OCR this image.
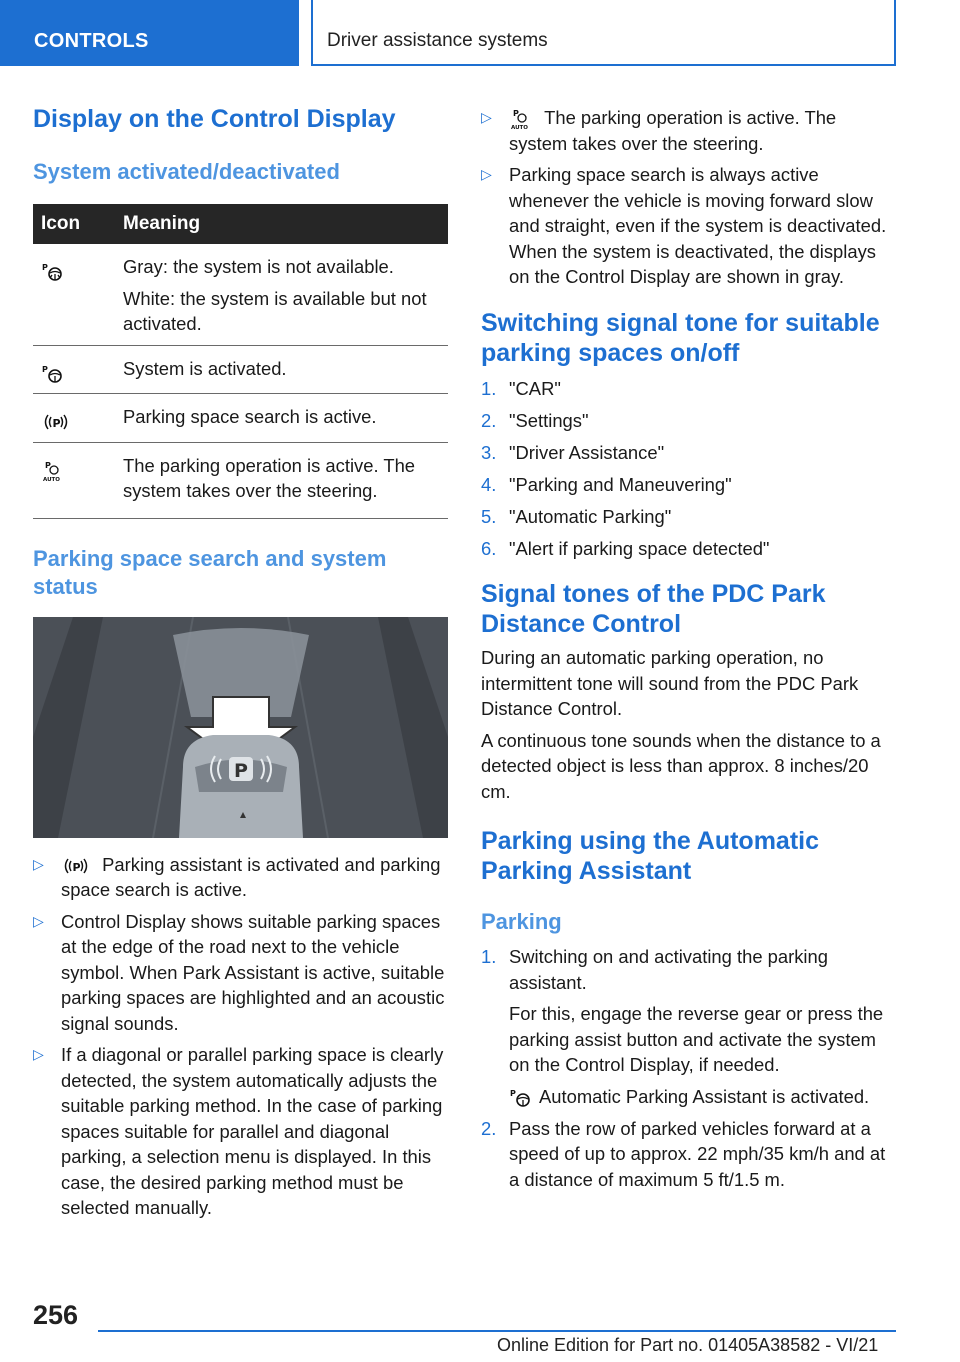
CONTROLS	Driver assistance systems
Display on the Control Display
System activated/deactivated
Icon	Meaning

P	Gray: the system is not available.

White: the system is available but not activated.

P	System is activated.

P	Parking space search is active.

P
AUTO	The parking operation is active. The system takes over the steering.

Parking space search and system status
P
▷	P
Parking assistant is activated and parking space search is active.

▷ Control Display shows suitable parking spaces at the edge of the road next to the vehicle symbol. When Park Assistant is active, suitable parking spaces are highlighted and an acoustic signal sounds.

▷ If a diagonal or parallel parking space is clearly detected, the system automatically adjusts the suitable parking method. In the case of parking spaces suitable for parallel and diagonal parking, a selection menu is displayed. In this case, the desired parking method must be selected manually.

▷	P
AUTO

The parking operation is active. The system takes over the steering.

▷ Parking space search is always active whenever the vehicle is moving forward slow and straight, even if the system is deactivated. When the system is deactivated, the displays on the Control Display are shown in gray.

Switching signal tone for suitable parking spaces on/off
1. "CAR"

2. "Settings"

3. "Driver Assistance"

4. "Parking and Maneuvering"

5. "Automatic Parking"

6. "Alert if parking space detected"

Signal tones of the PDC Park Distance Control

During an automatic parking operation, no intermittent tone will sound from the PDC Park Distance Control.

A continuous tone sounds when the distance to a detected object is less than approx. 8 inches/20 cm.

Parking using the Automatic Parking Assistant
Parking
1. Switching on and activating the parking assistant.

For this, engage the reverse gear or press the parking assist button and activate the system on the Control Display, if needed.

P Automatic Parking Assistant is activated.

2. Pass the row of parked vehicles forward at a speed of up to approx. 22 mph/35 km/h and at a distance of maximum 5 ft/1.5 m.

256
Online Edition for Part no. 01405A38582 - VI/21
